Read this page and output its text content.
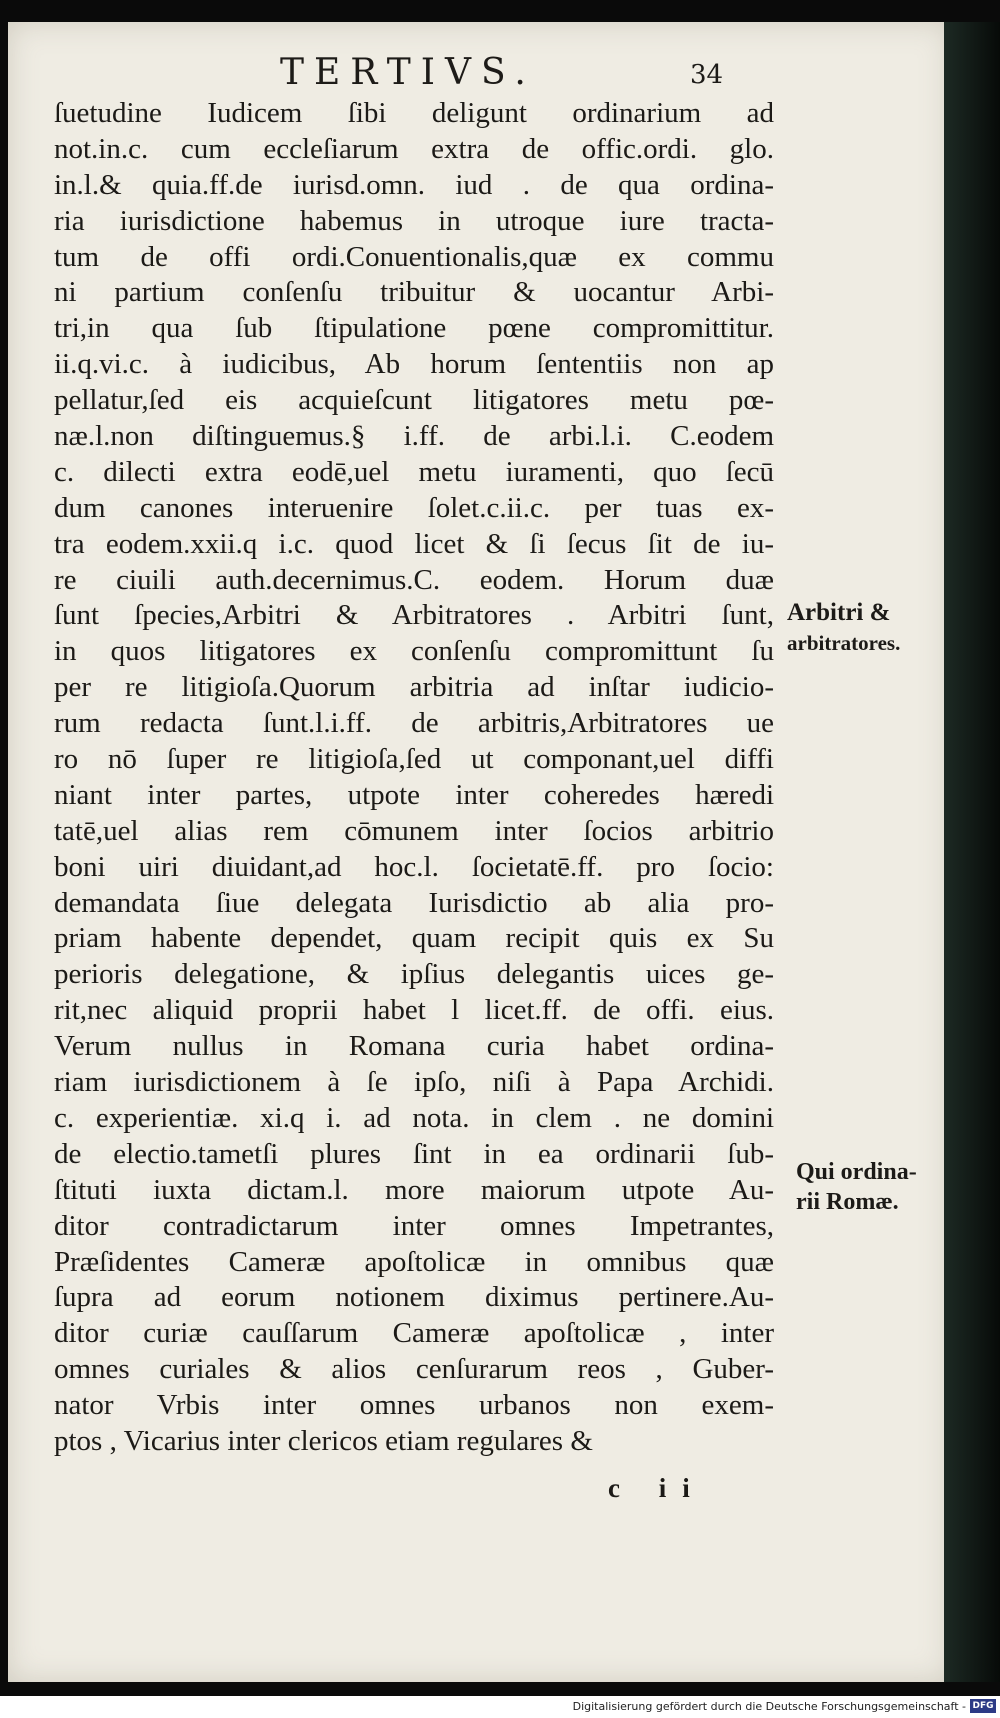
TERTIVS.	34
ſuetudine Iudicem ſibi deligunt ordinarium ad
not.in.c. cum eccleſiarum extra de offic.ordi. glo.
in.l.& quia.ff.de iurisd.omn. iud . de qua ordina-
ria iurisdictione habemus in utroque iure tracta-
tum de offi ordi.Conuentionalis,quæ ex commu
ni partium conſenſu tribuitur & uocantur Arbi-
tri,in qua ſub ſtipulatione pœne compromittitur.
ii.q.vi.c. à iudicibus, Ab horum ſententiis non ap
pellatur,ſed eis acquieſcunt litigatores metu pœ-
næ.l.non diſtinguemus.§ i.ff. de arbi.l.i. C.eodem
c. dilecti extra eodē,uel metu iuramenti, quo ſecū
dum canones interuenire ſolet.c.ii.c. per tuas ex-
tra eodem.xxii.q i.c. quod licet & ſi ſecus ſit de iu-
re ciuili auth.decernimus.C. eodem. Horum duæ
ſunt ſpecies,Arbitri & Arbitratores . Arbitri ſunt,
in quos litigatores ex conſenſu compromittunt ſu
per re litigioſa.Quorum arbitria ad inſtar iudicio-
rum redacta ſunt.l.i.ff. de arbitris,Arbitratores ue
ro nō ſuper re litigioſa,ſed ut componant,uel diffi
niant inter partes, utpote inter coheredes hæredi
tatē,uel alias rem cōmunem inter ſocios arbitrio
boni uiri diuidant,ad hoc.l. ſocietatē.ff. pro ſocio:
demandata ſiue delegata Iurisdictio ab alia pro-
priam habente dependet, quam recipit quis ex Su
perioris delegatione, & ipſius delegantis uices ge-
rit,nec aliquid proprii habet l licet.ff. de offi. eius.
Verum nullus in Romana curia habet ordina-
riam iurisdictionem à ſe ipſo, niſi à Papa Archidi.
c. experientiæ. xi.q i. ad nota. in clem . ne domini
de electio.tametſi plures ſint in ea ordinarii ſub-
ſtituti iuxta dictam.l. more maiorum utpote Au-
ditor contradictarum inter omnes Impetrantes,
Præſidentes Cameræ apoſtolicæ in omnibus quæ
ſupra ad eorum notionem diximus pertinere.Au-
ditor curiæ cauſſarum Cameræ apoſtolicæ , inter
omnes curiales & alios cenſurarum reos , Guber-
nator Vrbis inter omnes urbanos non exem-
ptos , Vicarius inter clericos etiam regulares &
Arbitri &
arbitratores.
Qui ordina-
rii Romæ.
c ii
Digitalisierung gefördert durch die Deutsche Forschungsgemeinschaft - DFG
